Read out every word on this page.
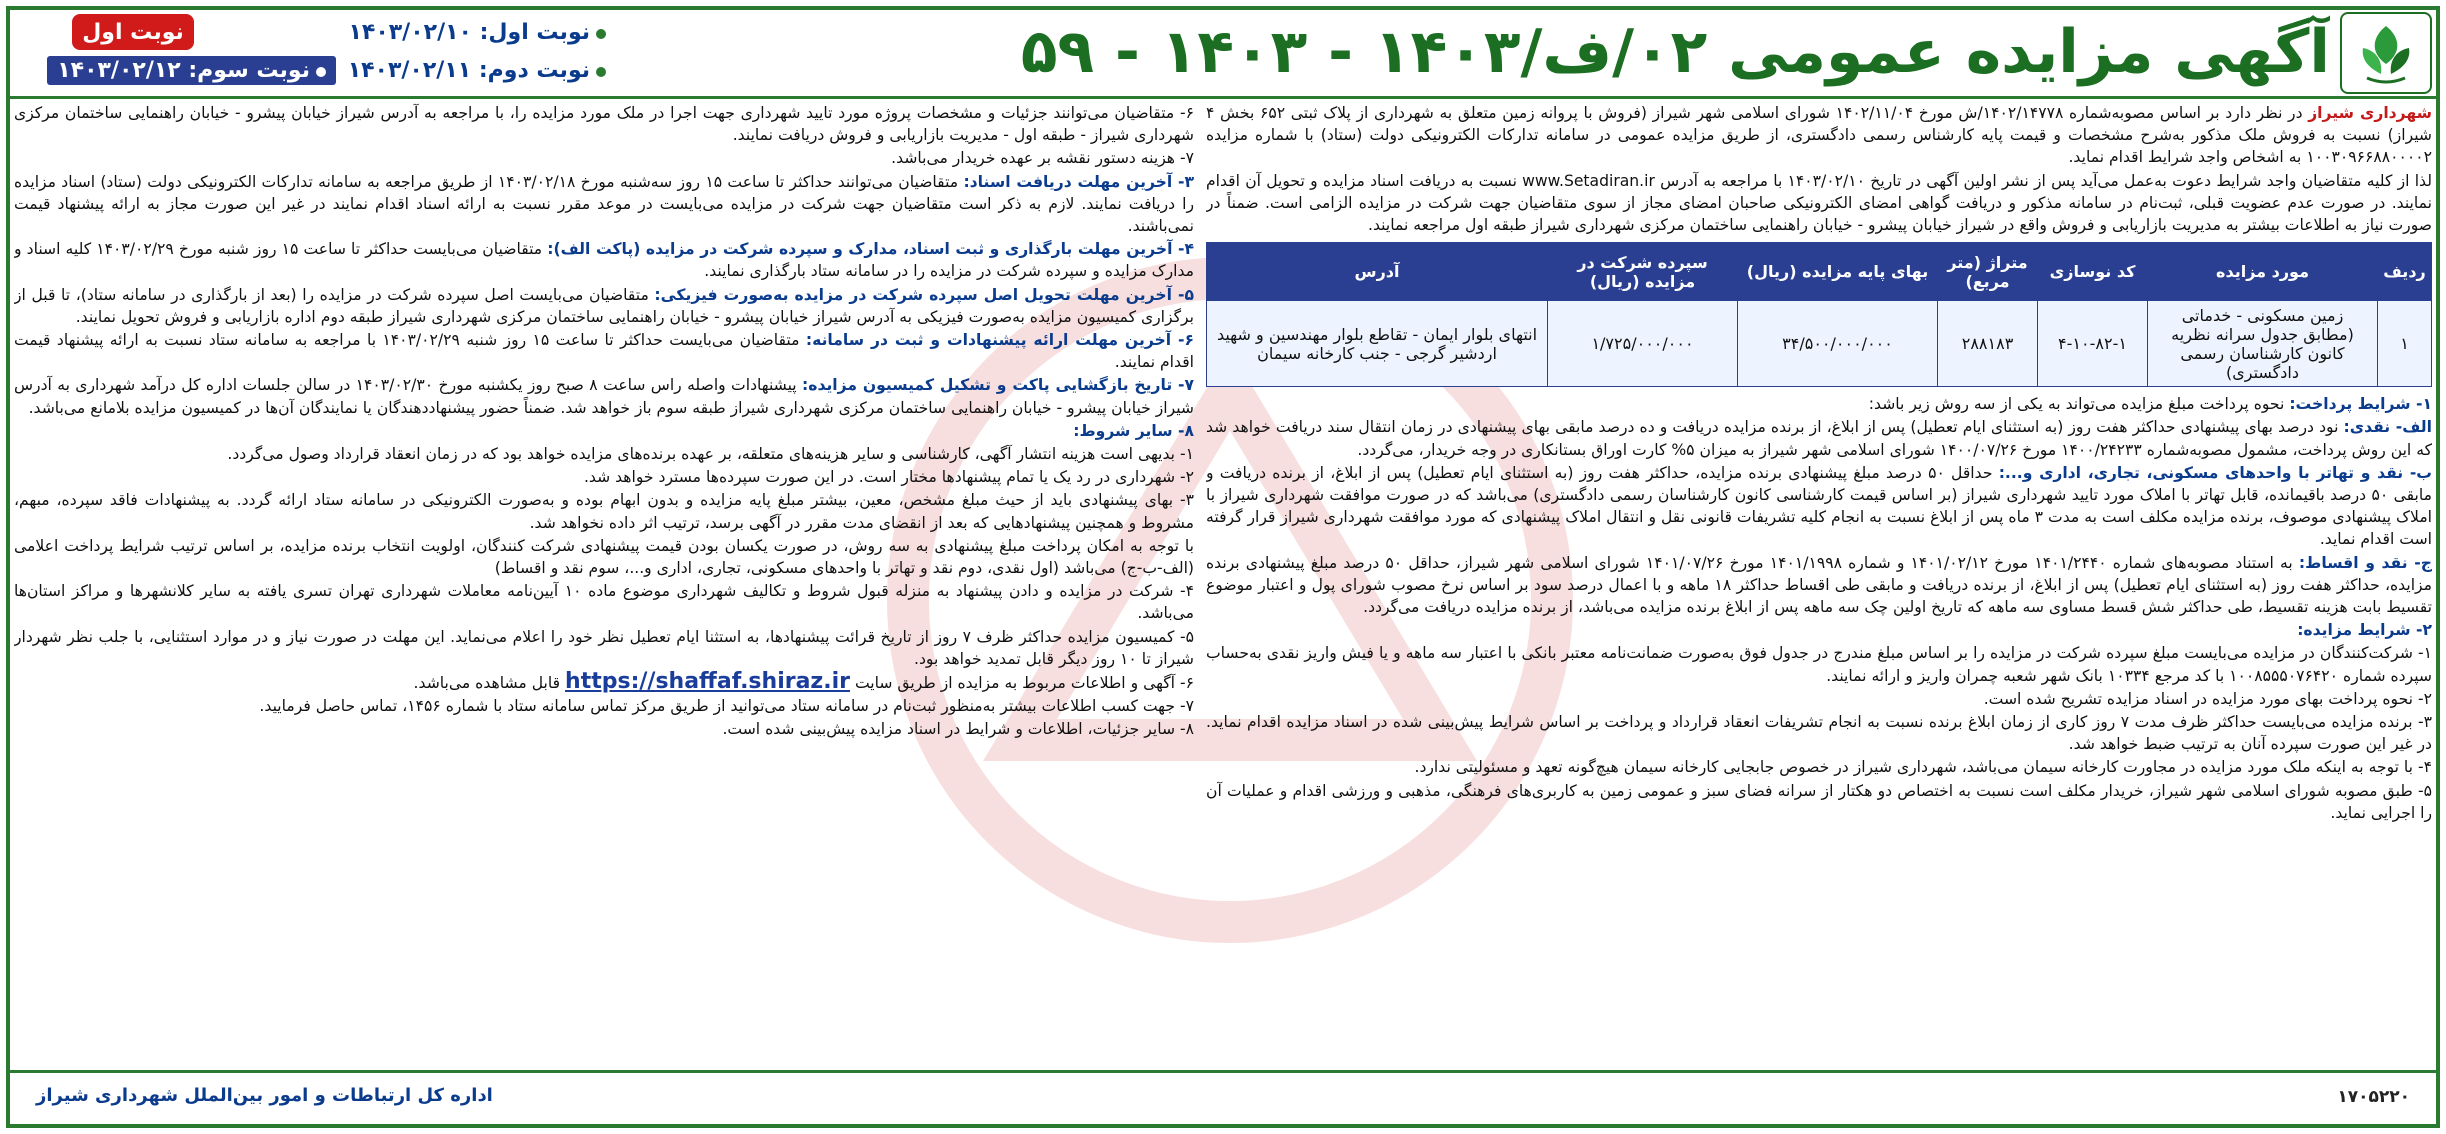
آگهی مزایده عمومی ۰۲/ف/۱۴۰۳ - ۱۴۰۳ - ۵۹
نوبت اول	نوبت اول: ۱۴۰۳/۰۲/۱۰
نوبت دوم: ۱۴۰۳/۰۲/۱۱
نوبت سوم: ۱۴۰۳/۰۲/۱۲

شهرداری شیراز در نظر دارد بر اساس مصوبه‌شماره ۱۴۰۲/۱۴۷۷۸/ش مورخ ۱۴۰۲/۱۱/۰۴ شورای اسلامی شهر شیراز (فروش با پروانه زمین متعلق به شهرداری از پلاک ثبتی ۶۵۲ بخش ۴ شیراز) نسبت به فروش ملک مذکور به‌شرح مشخصات و قیمت پایه کارشناس رسمی دادگستری، از طریق مزایده عمومی در سامانه تدارکات الکترونیکی دولت (ستاد) با شماره مزایده ۱۰۰۳۰۹۶۶۸۸۰۰۰۰۲ به اشخاص واجد شرایط اقدام نماید.

لذا از کلیه متقاضیان واجد شرایط دعوت به‌عمل می‌آید پس از نشر اولین آگهی در تاریخ ۱۴۰۳/۰۲/۱۰ با مراجعه به آدرس www.Setadiran.ir نسبت به دریافت اسناد مزایده و تحویل آن اقدام نمایند. در صورت عدم عضویت قبلی، ثبت‌نام در سامانه مذکور و دریافت گواهی امضای الکترونیکی صاحبان امضای مجاز از سوی متقاضیان جهت شرکت در مزایده الزامی است. ضمناً در صورت نیاز به اطلاعات بیشتر به مدیریت بازاریابی و فروش واقع در شیراز خیابان پیشرو - خیابان راهنمایی ساختمان مرکزی شهرداری شیراز طبقه اول مراجعه نمایند.

ردیف	مورد مزایده	کد نوسازی	متراژ (متر مربع)	بهای پایه مزایده (ریال)	سپرده شرکت در مزایده (ریال)	آدرس
۱	زمین مسکونی - خدماتی (مطابق جدول سرانه نظریه کانون کارشناسان رسمی دادگستری)	۴-۱۰-۸۲-۱	۲۸۸۱۸۳	۳۴/۵۰۰/۰۰۰/۰۰۰	۱/۷۲۵/۰۰۰/۰۰۰	انتهای بلوار ایمان - تقاطع بلوار مهندسین و شهید اردشیر گرجی - جنب کارخانه سیمان

۱- شرایط پرداخت: نحوه پرداخت مبلغ مزایده می‌تواند به یکی از سه روش زیر باشد:

الف- نقدی: نود درصد بهای پیشنهادی حداکثر هفت روز (به استثنای ایام تعطیل) پس از ابلاغ، از برنده مزایده دریافت و ده درصد مابقی بهای پیشنهادی در زمان انتقال سند دریافت خواهد شد که این روش پرداخت، مشمول مصوبه‌شماره ۱۴۰۰/۲۴۲۳۳ مورخ ۱۴۰۰/۰۷/۲۶ شورای اسلامی شهر شیراز به میزان ۵% کارت اوراق بستانکاری در وجه خریدار، می‌گردد.

ب- نقد و تهاتر با واحدهای مسکونی، تجاری، اداری و...: حداقل ۵۰ درصد مبلغ پیشنهادی برنده مزایده، حداکثر هفت روز (به استثنای ایام تعطیل) پس از ابلاغ، از برنده دریافت و مابقی ۵۰ درصد باقیمانده، قابل تهاتر با املاک مورد تایید شهرداری شیراز (بر اساس قیمت کارشناسی کانون کارشناسان رسمی دادگستری) می‌باشد که در صورت موافقت شهرداری شیراز با املاک پیشنهادی موصوف، برنده مزایده مکلف است به مدت ۳ ماه پس از ابلاغ نسبت به انجام کلیه تشریفات قانونی نقل و انتقال املاک پیشنهادی که مورد موافقت شهرداری شیراز قرار گرفته است اقدام نماید.

ج- نقد و اقساط: به استناد مصوبه‌های شماره ۱۴۰۱/۲۴۴۰ مورخ ۱۴۰۱/۰۲/۱۲ و شماره ۱۴۰۱/۱۹۹۸ مورخ ۱۴۰۱/۰۷/۲۶ شورای اسلامی شهر شیراز، حداقل ۵۰ درصد مبلغ پیشنهادی برنده مزایده، حداکثر هفت روز (به استثنای ایام تعطیل) پس از ابلاغ، از برنده دریافت و مابقی طی اقساط حداکثر ۱۸ ماهه و با اعمال درصد سود بر اساس نرخ مصوب شورای پول و اعتبار موضوع تقسیط بابت هزینه تقسیط، طی حداکثر شش قسط مساوی سه ماهه که تاریخ اولین چک سه ماهه پس از ابلاغ برنده مزایده می‌باشد، از برنده مزایده دریافت می‌گردد.

۲- شرایط مزایده:

۱- شرکت‌کنندگان در مزایده می‌بایست مبلغ سپرده شرکت در مزایده را بر اساس مبلغ مندرج در جدول فوق به‌صورت ضمانت‌نامه معتبر بانکی با اعتبار سه ماهه و یا فیش واریز نقدی به‌حساب سپرده شماره ۱۰۰۸۵۵۵۰۷۶۴۲۰ با کد مرجع ۱۰۳۳۴ بانک شهر شعبه چمران واریز و ارائه نمایند.

۲- نحوه پرداخت بهای مورد مزایده در اسناد مزایده تشریح شده است.

۳- برنده مزایده می‌بایست حداکثر ظرف مدت ۷ روز کاری از زمان ابلاغ برنده نسبت به انجام تشریفات انعقاد قرارداد و پرداخت بر اساس شرایط پیش‌بینی شده در اسناد مزایده اقدام نماید. در غیر این صورت سپرده آنان به ترتیب ضبط خواهد شد.

۴- با توجه به اینکه ملک مورد مزایده در مجاورت کارخانه سیمان می‌باشد، شهرداری شیراز در خصوص جابجایی کارخانه سیمان هیچ‌گونه تعهد و مسئولیتی ندارد.

۵- طبق مصوبه شورای اسلامی شهر شیراز، خریدار مکلف است نسبت به اختصاص دو هکتار از سرانه فضای سبز و عمومی زمین به کاربری‌های فرهنگی، مذهبی و ورزشی اقدام و عملیات آن را اجرایی نماید.

۶- متقاضیان می‌توانند جزئیات و مشخصات پروژه مورد تایید شهرداری جهت اجرا در ملک مورد مزایده را، با مراجعه به آدرس شیراز خیابان پیشرو - خیابان راهنمایی ساختمان مرکزی شهرداری شیراز - طبقه اول - مدیریت بازاریابی و فروش دریافت نمایند.

۷- هزینه دستور نقشه بر عهده خریدار می‌باشد.

۳- آخرین مهلت دریافت اسناد: متقاضیان می‌توانند حداکثر تا ساعت ۱۵ روز سه‌شنبه مورخ ۱۴۰۳/۰۲/۱۸ از طریق مراجعه به سامانه تدارکات الکترونیکی دولت (ستاد) اسناد مزایده را دریافت نمایند. لازم به ذکر است متقاضیان جهت شرکت در مزایده می‌بایست در موعد مقرر نسبت به ارائه اسناد اقدام نمایند در غیر این صورت مجاز به ارائه پیشنهاد قیمت نمی‌باشند.

۴- آخرین مهلت بارگذاری و ثبت اسناد، مدارک و سپرده شرکت در مزایده (پاکت الف): متقاضیان می‌بایست حداکثر تا ساعت ۱۵ روز شنبه مورخ ۱۴۰۳/۰۲/۲۹ کلیه اسناد و مدارک مزایده و سپرده شرکت در مزایده را در سامانه ستاد بارگذاری نمایند.

۵- آخرین مهلت تحویل اصل سپرده شرکت در مزایده به‌صورت فیزیکی: متقاضیان می‌بایست اصل سپرده شرکت در مزایده را (بعد از بارگذاری در سامانه ستاد)، تا قبل از برگزاری کمیسیون مزایده به‌صورت فیزیکی به آدرس شیراز خیابان پیشرو - خیابان راهنمایی ساختمان مرکزی شهرداری شیراز طبقه دوم اداره بازاریابی و فروش تحویل نمایند.

۶- آخرین مهلت ارائه پیشنهادات و ثبت در سامانه: متقاضیان می‌بایست حداکثر تا ساعت ۱۵ روز شنبه ۱۴۰۳/۰۲/۲۹ با مراجعه به سامانه ستاد نسبت به ارائه پیشنهاد قیمت اقدام نمایند.

۷- تاریخ بازگشایی پاکت و تشکیل کمیسیون مزایده: پیشنهادات واصله راس ساعت ۸ صبح روز یکشنبه مورخ ۱۴۰۳/۰۲/۳۰ در سالن جلسات اداره کل درآمد شهرداری به آدرس شیراز خیابان پیشرو - خیابان راهنمایی ساختمان مرکزی شهرداری شیراز طبقه سوم باز خواهد شد. ضمناً حضور پیشنهاددهندگان یا نمایندگان آن‌ها در کمیسیون مزایده بلامانع می‌باشد.

۸- سایر شروط:

۱- بدیهی است هزینه انتشار آگهی، کارشناسی و سایر هزینه‌های متعلقه، بر عهده برنده‌های مزایده خواهد بود که در زمان انعقاد قرارداد وصول می‌گردد.

۲- شهرداری در رد یک یا تمام پیشنهادها مختار است. در این صورت سپرده‌ها مسترد خواهد شد.

۳- بهای پیشنهادی باید از حیث مبلغ مشخص، معین، بیشتر مبلغ پایه مزایده و بدون ابهام بوده و به‌صورت الکترونیکی در سامانه ستاد ارائه گردد. به پیشنهادات فاقد سپرده، مبهم، مشروط و همچنین پیشنهادهایی که بعد از انقضای مدت مقرر در آگهی برسد، ترتیب اثر داده نخواهد شد.

با توجه به امکان پرداخت مبلغ پیشنهادی به سه روش، در صورت یکسان بودن قیمت پیشنهادی شرکت کنندگان، اولویت انتخاب برنده مزایده، بر اساس ترتیب شرایط پرداخت اعلامی (الف-ب-ج) می‌باشد (اول نقدی، دوم نقد و تهاتر با واحدهای مسکونی، تجاری، اداری و...، سوم نقد و اقساط)

۴- شرکت در مزایده و دادن پیشنهاد به منزله قبول شروط و تکالیف شهرداری موضوع ماده ۱۰ آیین‌نامه معاملات شهرداری تهران تسری یافته به سایر کلانشهرها و مراکز استان‌ها می‌باشد.

۵- کمیسیون مزایده حداکثر ظرف ۷ روز از تاریخ قرائت پیشنهادها، به استثنا ایام تعطیل نظر خود را اعلام می‌نماید. این مهلت در صورت نیاز و در موارد استثنایی، با جلب نظر شهردار شیراز تا ۱۰ روز دیگر قابل تمدید خواهد بود.

۶- آگهی و اطلاعات مربوط به مزایده از طریق سایت https://shaffaf.shiraz.ir قابل مشاهده می‌باشد.

۷- جهت کسب اطلاعات بیشتر به‌منظور ثبت‌نام در سامانه ستاد می‌توانید از طریق مرکز تماس سامانه ستاد با شماره ۱۴۵۶، تماس حاصل فرمایید.

۸- سایر جزئیات، اطلاعات و شرایط در اسناد مزایده پیش‌بینی شده است.

اداره کل ارتباطات و امور بین‌الملل شهرداری شیراز	۱۷۰۵۲۲۰
